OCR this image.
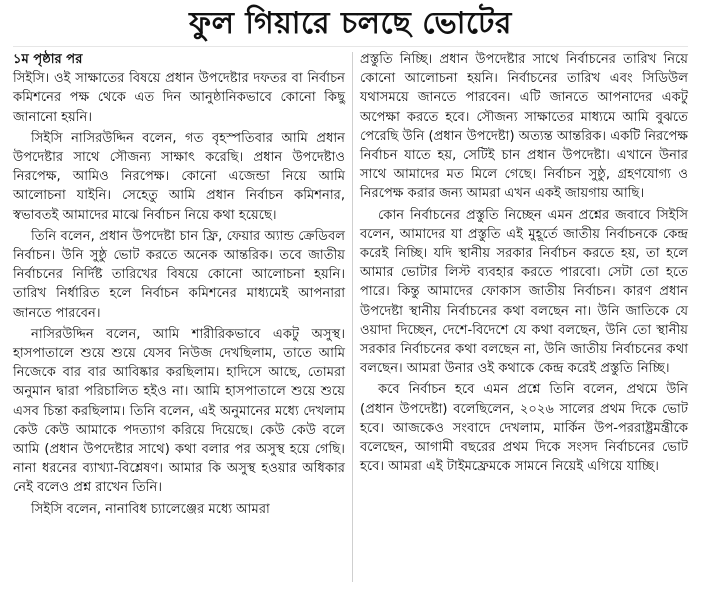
ফুল গিয়ারে চলছে ভোটের

১ম পৃষ্ঠার পর
সিইসি। ওই সাক্ষাতের বিষয়ে প্রধান উপদেষ্টার দফতর বা নির্বাচন কমিশনের পক্ষ থেকে এত দিন আনুষ্ঠানিকভাবে কোনো কিছু জানানো হয়নি।

সিইসি নাসিরউদ্দিন বলেন, গত বৃহস্পতিবার আমি প্রধান উপদেষ্টার সাথে সৌজন্য সাক্ষাৎ করেছি। প্রধান উপদেষ্টাও নিরপেক্ষ, আমিও নিরপেক্ষ। কোনো এজেন্ডা নিয়ে আমি আলোচনা যাইনি। সেহেতু আমি প্রধান নির্বাচন কমিশনার, স্বভাবতই আমাদের মাঝে নির্বাচন নিয়ে কথা হয়েছে।

তিনি বলেন, প্রধান উপদেষ্টা চান ফ্রি, ফেয়ার অ্যান্ড ক্রেডিবল নির্বাচন। উনি সুষ্ঠু ভোট করতে অনেক আন্তরিক। তবে জাতীয় নির্বাচনের নির্দিষ্ট তারিখের বিষয়ে কোনো আলোচনা হয়নি। তারিখ নির্ধারিত হলে নির্বাচন কমিশনের মাধ্যমেই আপনারা জানতে পারবেন।

নাসিরউদ্দিন বলেন, আমি শারীরিকভাবে একটু অসুস্থ। হাসপাতালে শুয়ে শুয়ে যেসব নিউজ দেখছিলাম, তাতে আমি নিজেকে বার বার আবিষ্কার করছিলাম। হাদিসে আছে, তোমরা অনুমান দ্বারা পরিচালিত হইও না। আমি হাসপাতালে শুয়ে শুয়ে এসব চিন্তা করছিলাম। তিনি বলেন, এই অনুমানের মধ্যে দেখলাম কেউ কেউ আমাকে পদত্যাগ করিয়ে দিয়েছে। কেউ কেউ বলে আমি (প্রধান উপদেষ্টার সাথে) কথা বলার পর অসুস্থ হয়ে গেছি। নানা ধরনের ব্যাখ্যা-বিশ্লেষণ। আমার কি অসুস্থ হওয়ার অধিকার নেই বলেও প্রশ্ন রাখেন তিনি।

সিইসি বলেন, নানাবিধ চ্যালেঞ্জের মধ্যে আমরা

প্রস্তুতি নিচ্ছি। প্রধান উপদেষ্টার সাথে নির্বাচনের তারিখ নিয়ে কোনো আলোচনা হয়নি। নির্বাচনের তারিখ এবং সিডিউল যথাসময়ে জানতে পারবেন। এটি জানতে আপনাদের একটু অপেক্ষা করতে হবে। সৌজন্য সাক্ষাতের মাধ্যমে আমি বুঝতে পেরেছি উনি (প্রধান উপদেষ্টা) অত্যন্ত আন্তরিক। একটি নিরপেক্ষ নির্বাচন যাতে হয়, সেটিই চান প্রধান উপদেষ্টা। এখানে উনার সাথে আমাদের মত মিলে গেছে। নির্বাচন সুষ্ঠু, গ্রহণযোগ্য ও নিরপেক্ষ করার জন্য আমরা এখন একই জায়গায় আছি।

কোন নির্বাচনের প্রস্তুতি নিচ্ছেন এমন প্রশ্নের জবাবে সিইসি বলেন, আমাদের যা প্রস্তুতি এই মুহূর্তে জাতীয় নির্বাচনকে কেন্দ্র করেই নিচ্ছি। যদি স্থানীয় সরকার নির্বাচন করতে হয়, তা হলে আমার ভোটার লিস্ট ব্যবহার করতে পারবো। সেটা তো হতে পারে। কিন্তু আমাদের ফোকাস জাতীয় নির্বাচন। কারণ প্রধান উপদেষ্টা স্থানীয় নির্বাচনের কথা বলছেন না। উনি জাতিকে যে ওয়াদা দিচ্ছেন, দেশে-বিদেশে যে কথা বলছেন, উনি তো স্থানীয় সরকার নির্বাচনের কথা বলছেন না, উনি জাতীয় নির্বাচনের কথা বলছেন। আমরা উনার ওই কথাকে কেন্দ্র করেই প্রস্তুতি নিচ্ছি।

কবে নির্বাচন হবে এমন প্রশ্নে তিনি বলেন, প্রথমে উনি (প্রধান উপদেষ্টা) বলেছিলেন, ২০২৬ সালের প্রথম দিকে ভোট হবে। আজকেও সংবাদে দেখলাম, মার্কিন উপ-পররাষ্ট্রমন্ত্রীকে বলেছেন, আগামী বছরের প্রথম দিকে সংসদ নির্বাচনের ভোট হবে। আমরা এই টাইমফ্রেমকে সামনে নিয়েই এগিয়ে যাচ্ছি।
